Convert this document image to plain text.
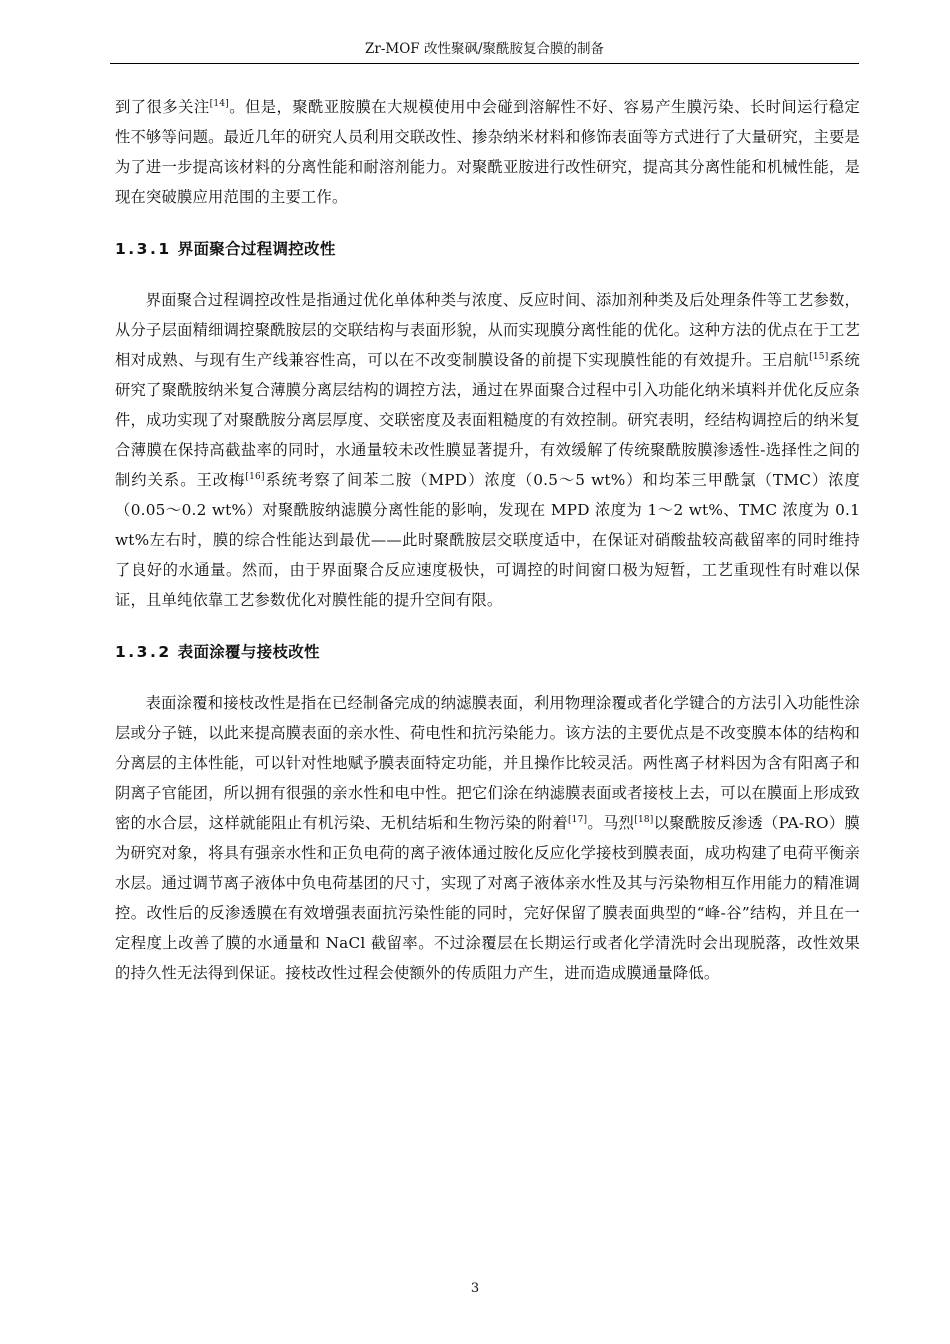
Zr-MOF 改性聚砜/聚酰胺复合膜的制备

到了很多关注[14]。但是，聚酰亚胺膜在大规模使用中会碰到溶解性不好、容易产生膜污染、长时间运行稳定性不够等问题。最近几年的研究人员利用交联改性、掺杂纳米材料和修饰表面等方式进行了大量研究，主要是为了进一步提高该材料的分离性能和耐溶剂能力。对聚酰亚胺进行改性研究，提高其分离性能和机械性能，是现在突破膜应用范围的主要工作。

1.3.1 界面聚合过程调控改性

界面聚合过程调控改性是指通过优化单体种类与浓度、反应时间、添加剂种类及后处理条件等工艺参数，从分子层面精细调控聚酰胺层的交联结构与表面形貌，从而实现膜分离性能的优化。这种方法的优点在于工艺相对成熟、与现有生产线兼容性高，可以在不改变制膜设备的前提下实现膜性能的有效提升。王启航[15]系统研究了聚酰胺纳米复合薄膜分离层结构的调控方法，通过在界面聚合过程中引入功能化纳米填料并优化反应条件，成功实现了对聚酰胺分离层厚度、交联密度及表面粗糙度的有效控制。研究表明，经结构调控后的纳米复合薄膜在保持高截盐率的同时，水通量较未改性膜显著提升，有效缓解了传统聚酰胺膜渗透性-选择性之间的制约关系。王改梅[16]系统考察了间苯二胺（MPD）浓度（0.5～5 wt%）和均苯三甲酰氯（TMC）浓度（0.05～0.2 wt%）对聚酰胺纳滤膜分离性能的影响，发现在 MPD 浓度为 1～2 wt%、TMC 浓度为 0.1 wt%左右时，膜的综合性能达到最优——此时聚酰胺层交联度适中，在保证对硝酸盐较高截留率的同时维持了良好的水通量。然而，由于界面聚合反应速度极快，可调控的时间窗口极为短暂，工艺重现性有时难以保证，且单纯依靠工艺参数优化对膜性能的提升空间有限。

1.3.2 表面涂覆与接枝改性

表面涂覆和接枝改性是指在已经制备完成的纳滤膜表面，利用物理涂覆或者化学键合的方法引入功能性涂层或分子链，以此来提高膜表面的亲水性、荷电性和抗污染能力。该方法的主要优点是不改变膜本体的结构和分离层的主体性能，可以针对性地赋予膜表面特定功能，并且操作比较灵活。两性离子材料因为含有阳离子和阴离子官能团，所以拥有很强的亲水性和电中性。把它们涂在纳滤膜表面或者接枝上去，可以在膜面上形成致密的水合层，这样就能阻止有机污染、无机结垢和生物污染的附着[17]。马烈[18]以聚酰胺反渗透（PA-RO）膜为研究对象，将具有强亲水性和正负电荷的离子液体通过胺化反应化学接枝到膜表面，成功构建了电荷平衡亲水层。通过调节离子液体中负电荷基团的尺寸，实现了对离子液体亲水性及其与污染物相互作用能力的精准调控。改性后的反渗透膜在有效增强表面抗污染性能的同时，完好保留了膜表面典型的“峰-谷”结构，并且在一定程度上改善了膜的水通量和 NaCl 截留率。不过涂覆层在长期运行或者化学清洗时会出现脱落，改性效果的持久性无法得到保证。接枝改性过程会使额外的传质阻力产生，进而造成膜通量降低。

3
